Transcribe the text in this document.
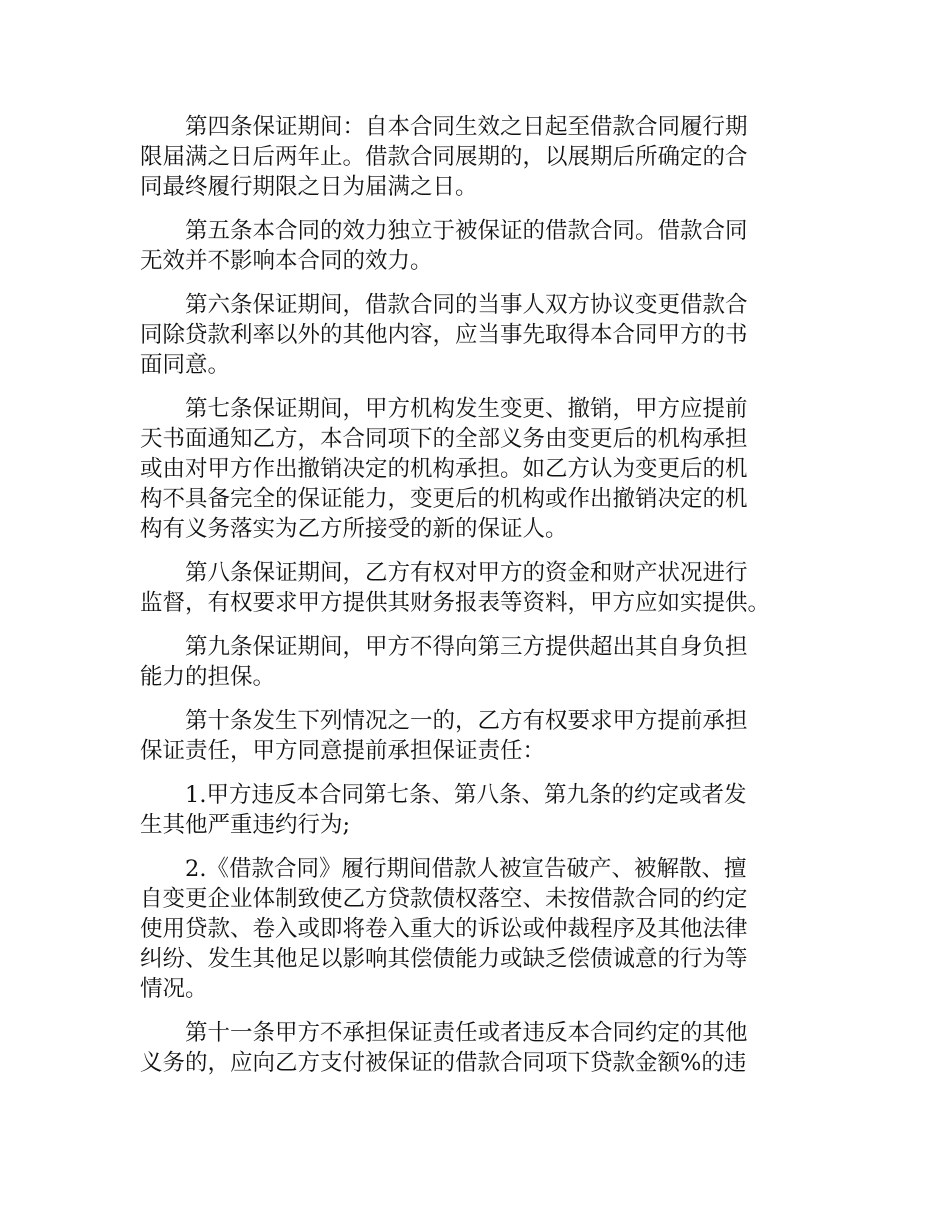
第四条保证期间：自本合同生效之日起至借款合同履行期
限届满之日后两年止。借款合同展期的，以展期后所确定的合
同最终履行期限之日为届满之日。

第五条本合同的效力独立于被保证的借款合同。借款合同
无效并不影响本合同的效力。

第六条保证期间，借款合同的当事人双方协议变更借款合
同除贷款利率以外的其他内容，应当事先取得本合同甲方的书
面同意。

第七条保证期间，甲方机构发生变更、撤销，甲方应提前
天书面通知乙方，本合同项下的全部义务由变更后的机构承担
或由对甲方作出撤销决定的机构承担。如乙方认为变更后的机
构不具备完全的保证能力，变更后的机构或作出撤销决定的机
构有义务落实为乙方所接受的新的保证人。

第八条保证期间，乙方有权对甲方的资金和财产状况进行
监督，有权要求甲方提供其财务报表等资料，甲方应如实提供。

第九条保证期间，甲方不得向第三方提供超出其自身负担
能力的担保。

第十条发生下列情况之一的，乙方有权要求甲方提前承担
保证责任，甲方同意提前承担保证责任：

1.甲方违反本合同第七条、第八条、第九条的约定或者发
生其他严重违约行为;

2.《借款合同》履行期间借款人被宣告破产、被解散、擅
自变更企业体制致使乙方贷款债权落空、未按借款合同的约定
使用贷款、卷入或即将卷入重大的诉讼或仲裁程序及其他法律
纠纷、发生其他足以影响其偿债能力或缺乏偿债诚意的行为等
情况。

第十一条甲方不承担保证责任或者违反本合同约定的其他
义务的，应向乙方支付被保证的借款合同项下贷款金额%的违
